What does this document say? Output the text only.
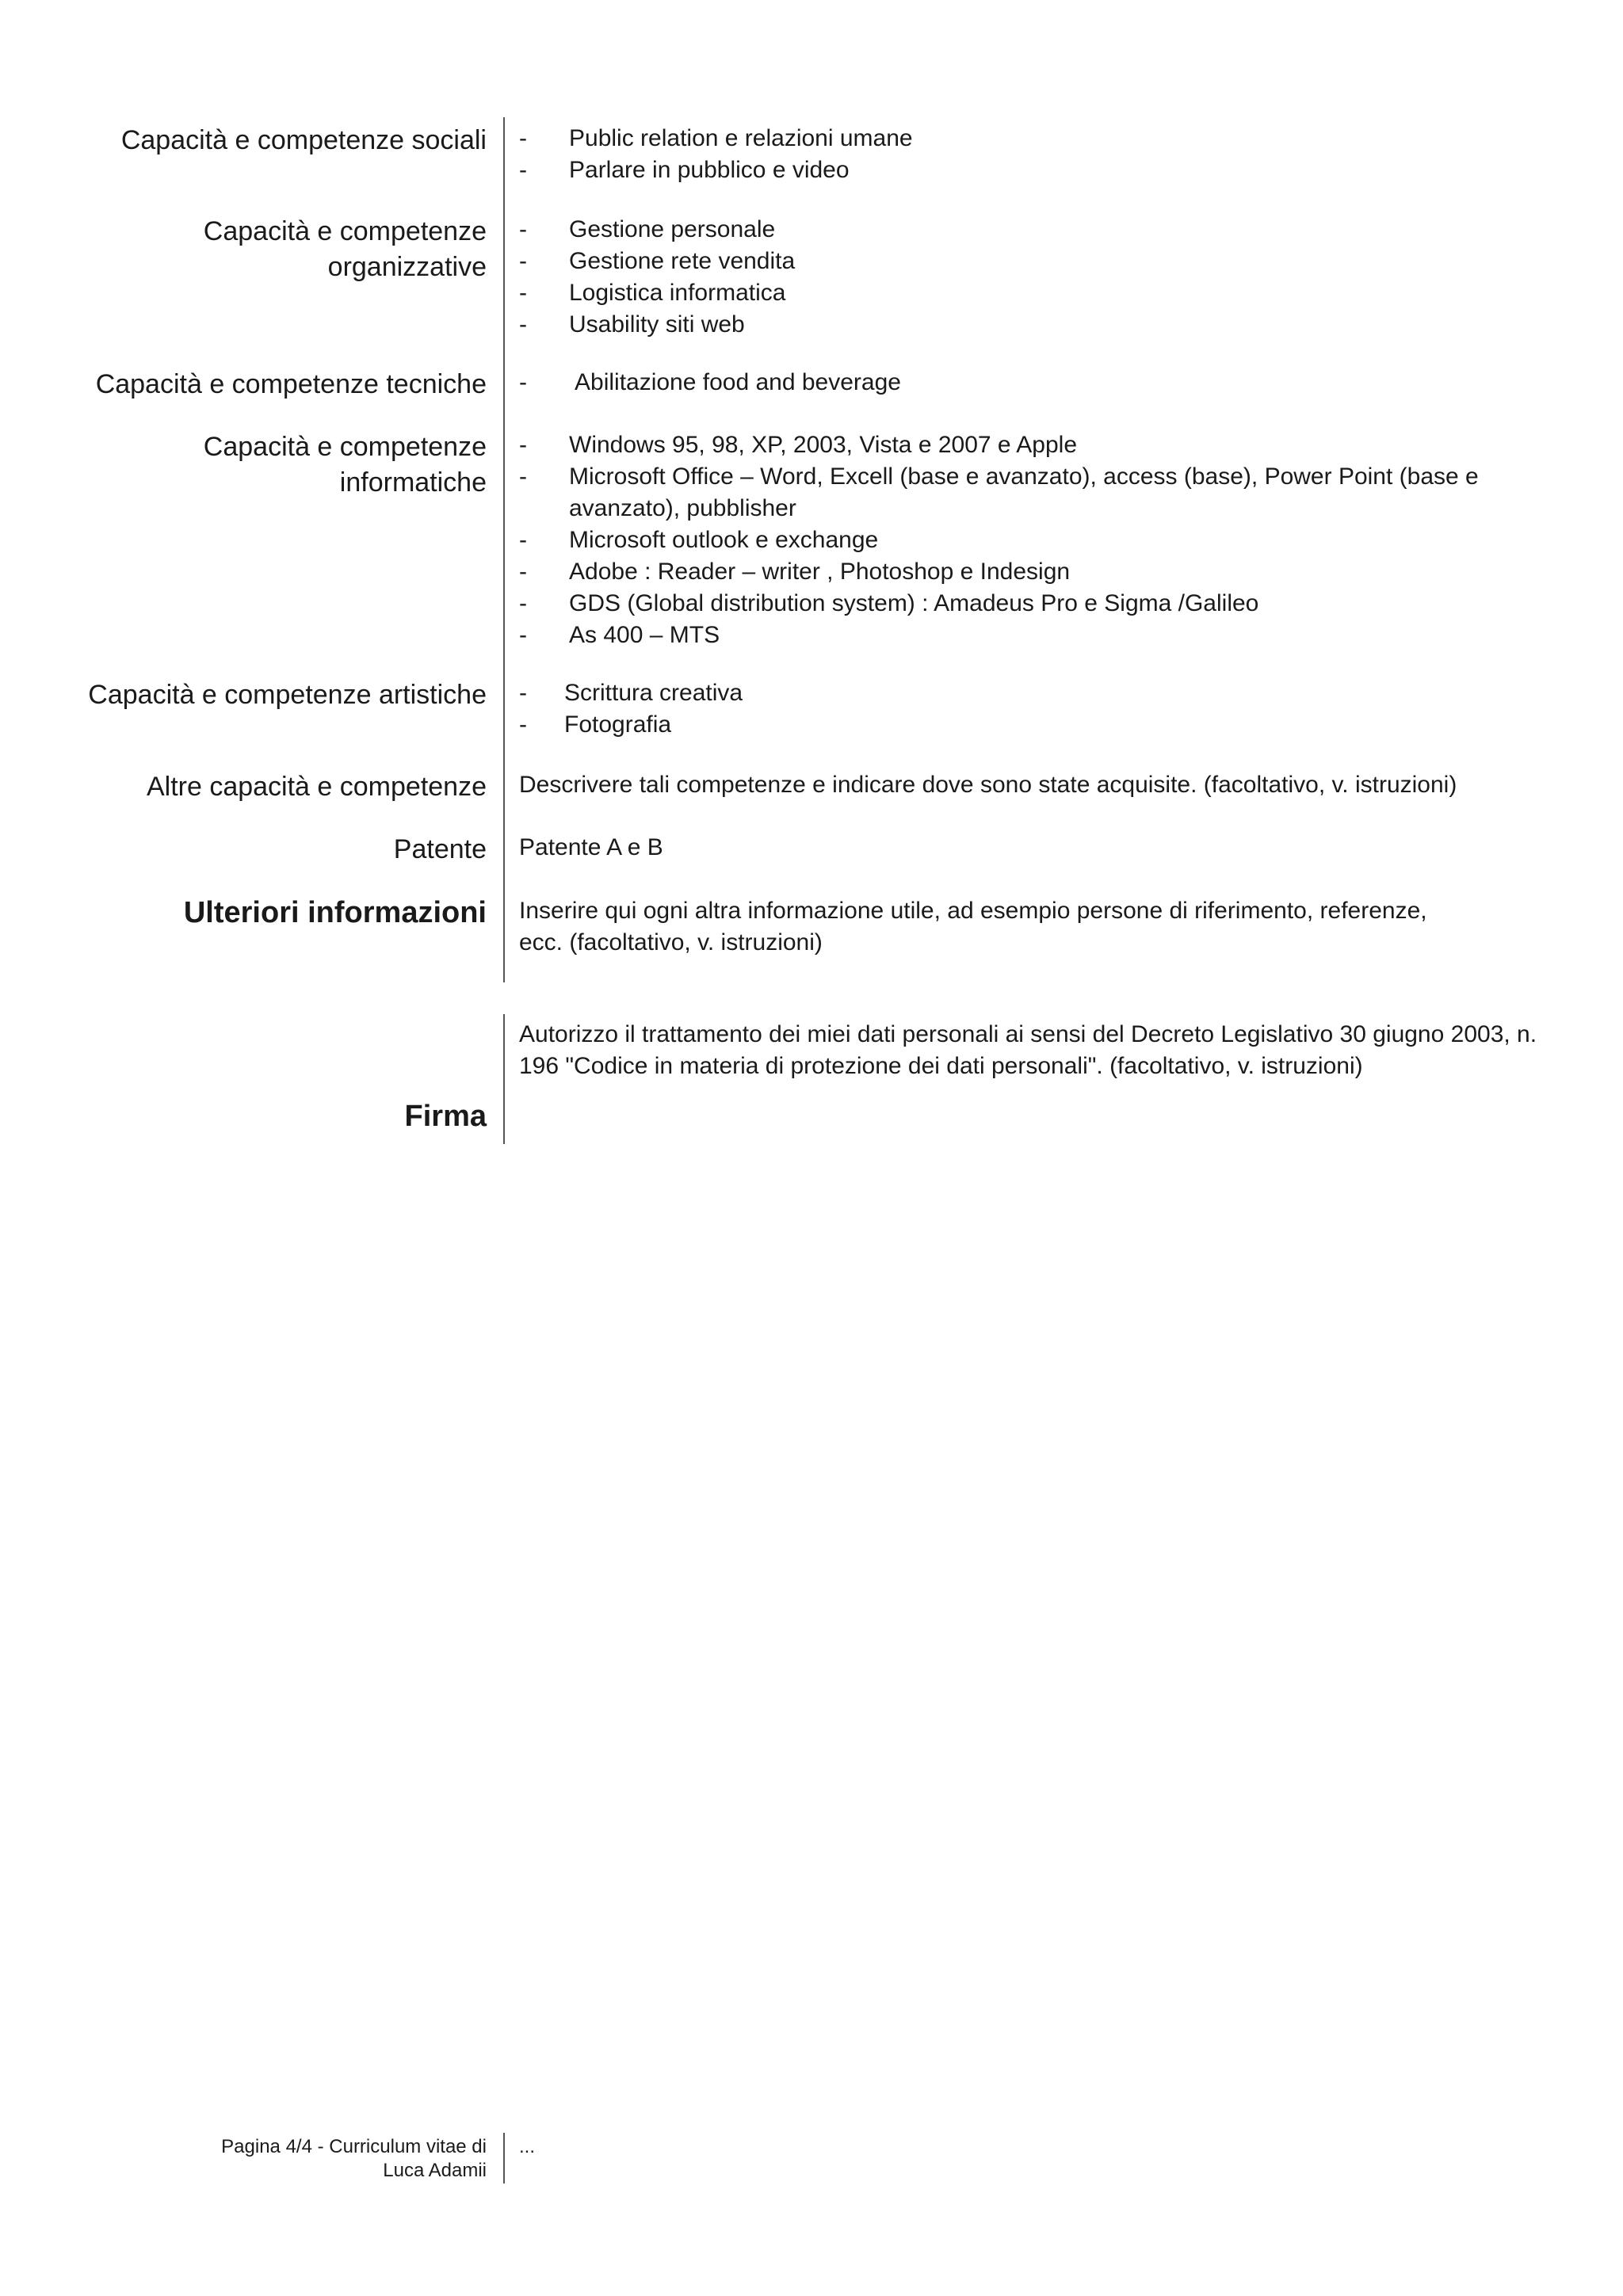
Capacità e competenze sociali - Public relation e relazioni umane
- Parlare in pubblico e video
Capacità e competenze
organizzative
- Gestione personale
- Gestione rete vendita
- Logistica informatica
- Usability siti web
Capacità e competenze tecniche - Abilitazione food and beverage
Capacità e competenze
informatiche
- Windows 95, 98, XP, 2003, Vista e 2007 e Apple
- Microsoft Office – Word, Excell (base e avanzato), access (base), Power Point (base e avanzato), pubblisher
- Microsoft outlook e exchange
- Adobe : Reader – writer , Photoshop e Indesign
- GDS (Global distribution system) : Amadeus Pro e Sigma /Galileo
- As 400 – MTS
Capacità e competenze artistiche - Scrittura creativa
- Fotografia
Altre capacità e competenze Descrivere tali competenze e indicare dove sono state acquisite. (facoltativo, v. istruzioni)
Patente Patente A e B
Ulteriori informazioni Inserire qui ogni altra informazione utile, ad esempio persone di riferimento, referenze, ecc. (facoltativo, v. istruzioni)
Autorizzo il trattamento dei miei dati personali ai sensi del Decreto Legislativo 30 giugno 2003, n. 196 "Codice in materia di protezione dei dati personali". (facoltativo, v. istruzioni)
Firma
Pagina 4/4 - Curriculum vitae di
Luca Adamii
...
